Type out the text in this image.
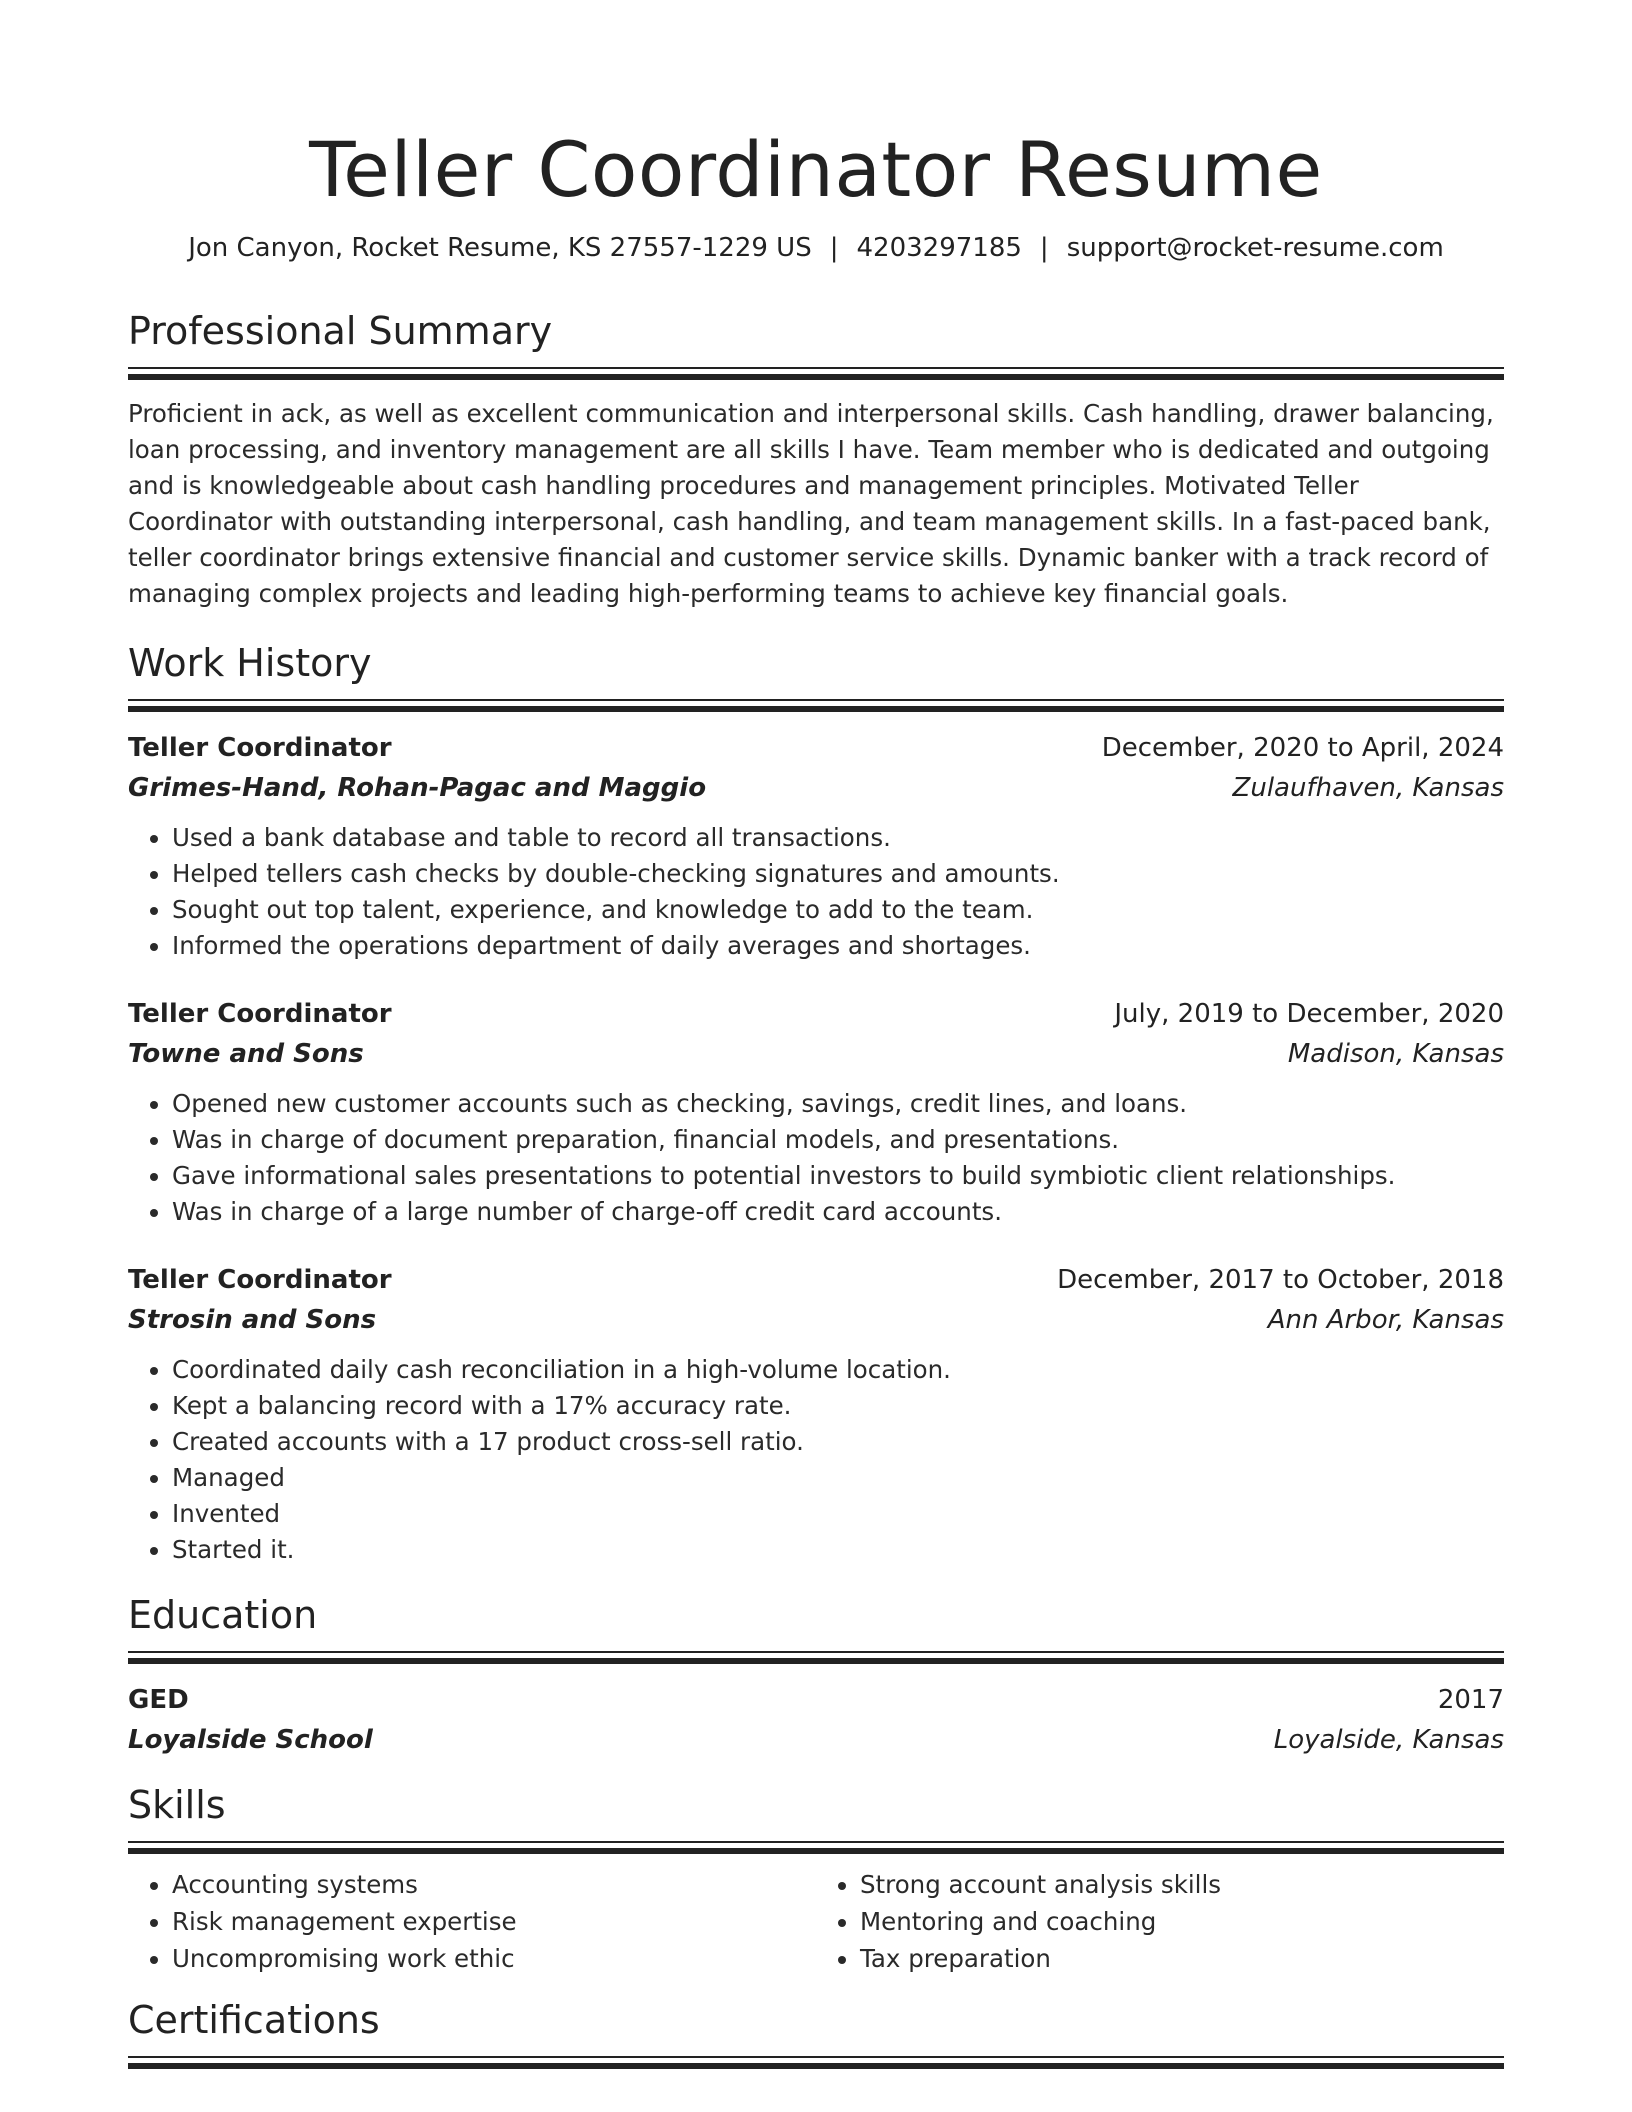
Teller Coordinator Resume
Jon Canyon, Rocket Resume, KS 27557-1229 US | 4203297185 | support@rocket-resume.com
Professional Summary

Proficient in ack, as well as excellent communication and interpersonal skills. Cash handling, drawer balancing, loan processing, and inventory management are all skills I have. Team member who is dedicated and outgoing and is knowledgeable about cash handling procedures and management principles. Motivated Teller Coordinator with outstanding interpersonal, cash handling, and team management skills. In a fast-paced bank, teller coordinator brings extensive financial and customer service skills. Dynamic banker with a track record of managing complex projects and leading high-performing teams to achieve key financial goals.

Work History
Teller Coordinator	December, 2020 to April, 2024
Grimes-Hand, Rohan-Pagac and Maggio	Zulaufhaven, Kansas
• Used a bank database and table to record all transactions.
• Helped tellers cash checks by double-checking signatures and amounts.
• Sought out top talent, experience, and knowledge to add to the team.
• Informed the operations department of daily averages and shortages.
Teller Coordinator	July, 2019 to December, 2020
Towne and Sons	Madison, Kansas
• Opened new customer accounts such as checking, savings, credit lines, and loans.
• Was in charge of document preparation, financial models, and presentations.
• Gave informational sales presentations to potential investors to build symbiotic client relationships.
• Was in charge of a large number of charge-off credit card accounts.
Teller Coordinator	December, 2017 to October, 2018
Strosin and Sons	Ann Arbor, Kansas
• Coordinated daily cash reconciliation in a high-volume location.
• Kept a balancing record with a 17% accuracy rate.
• Created accounts with a 17 product cross-sell ratio.
• Managed
• Invented
• Started it.
Education
GED	2017
Loyalside School	Loyalside, Kansas
Skills
• Accounting systems
• Risk management expertise
• Uncompromising work ethic
• Strong account analysis skills
• Mentoring and coaching
• Tax preparation
Certifications
